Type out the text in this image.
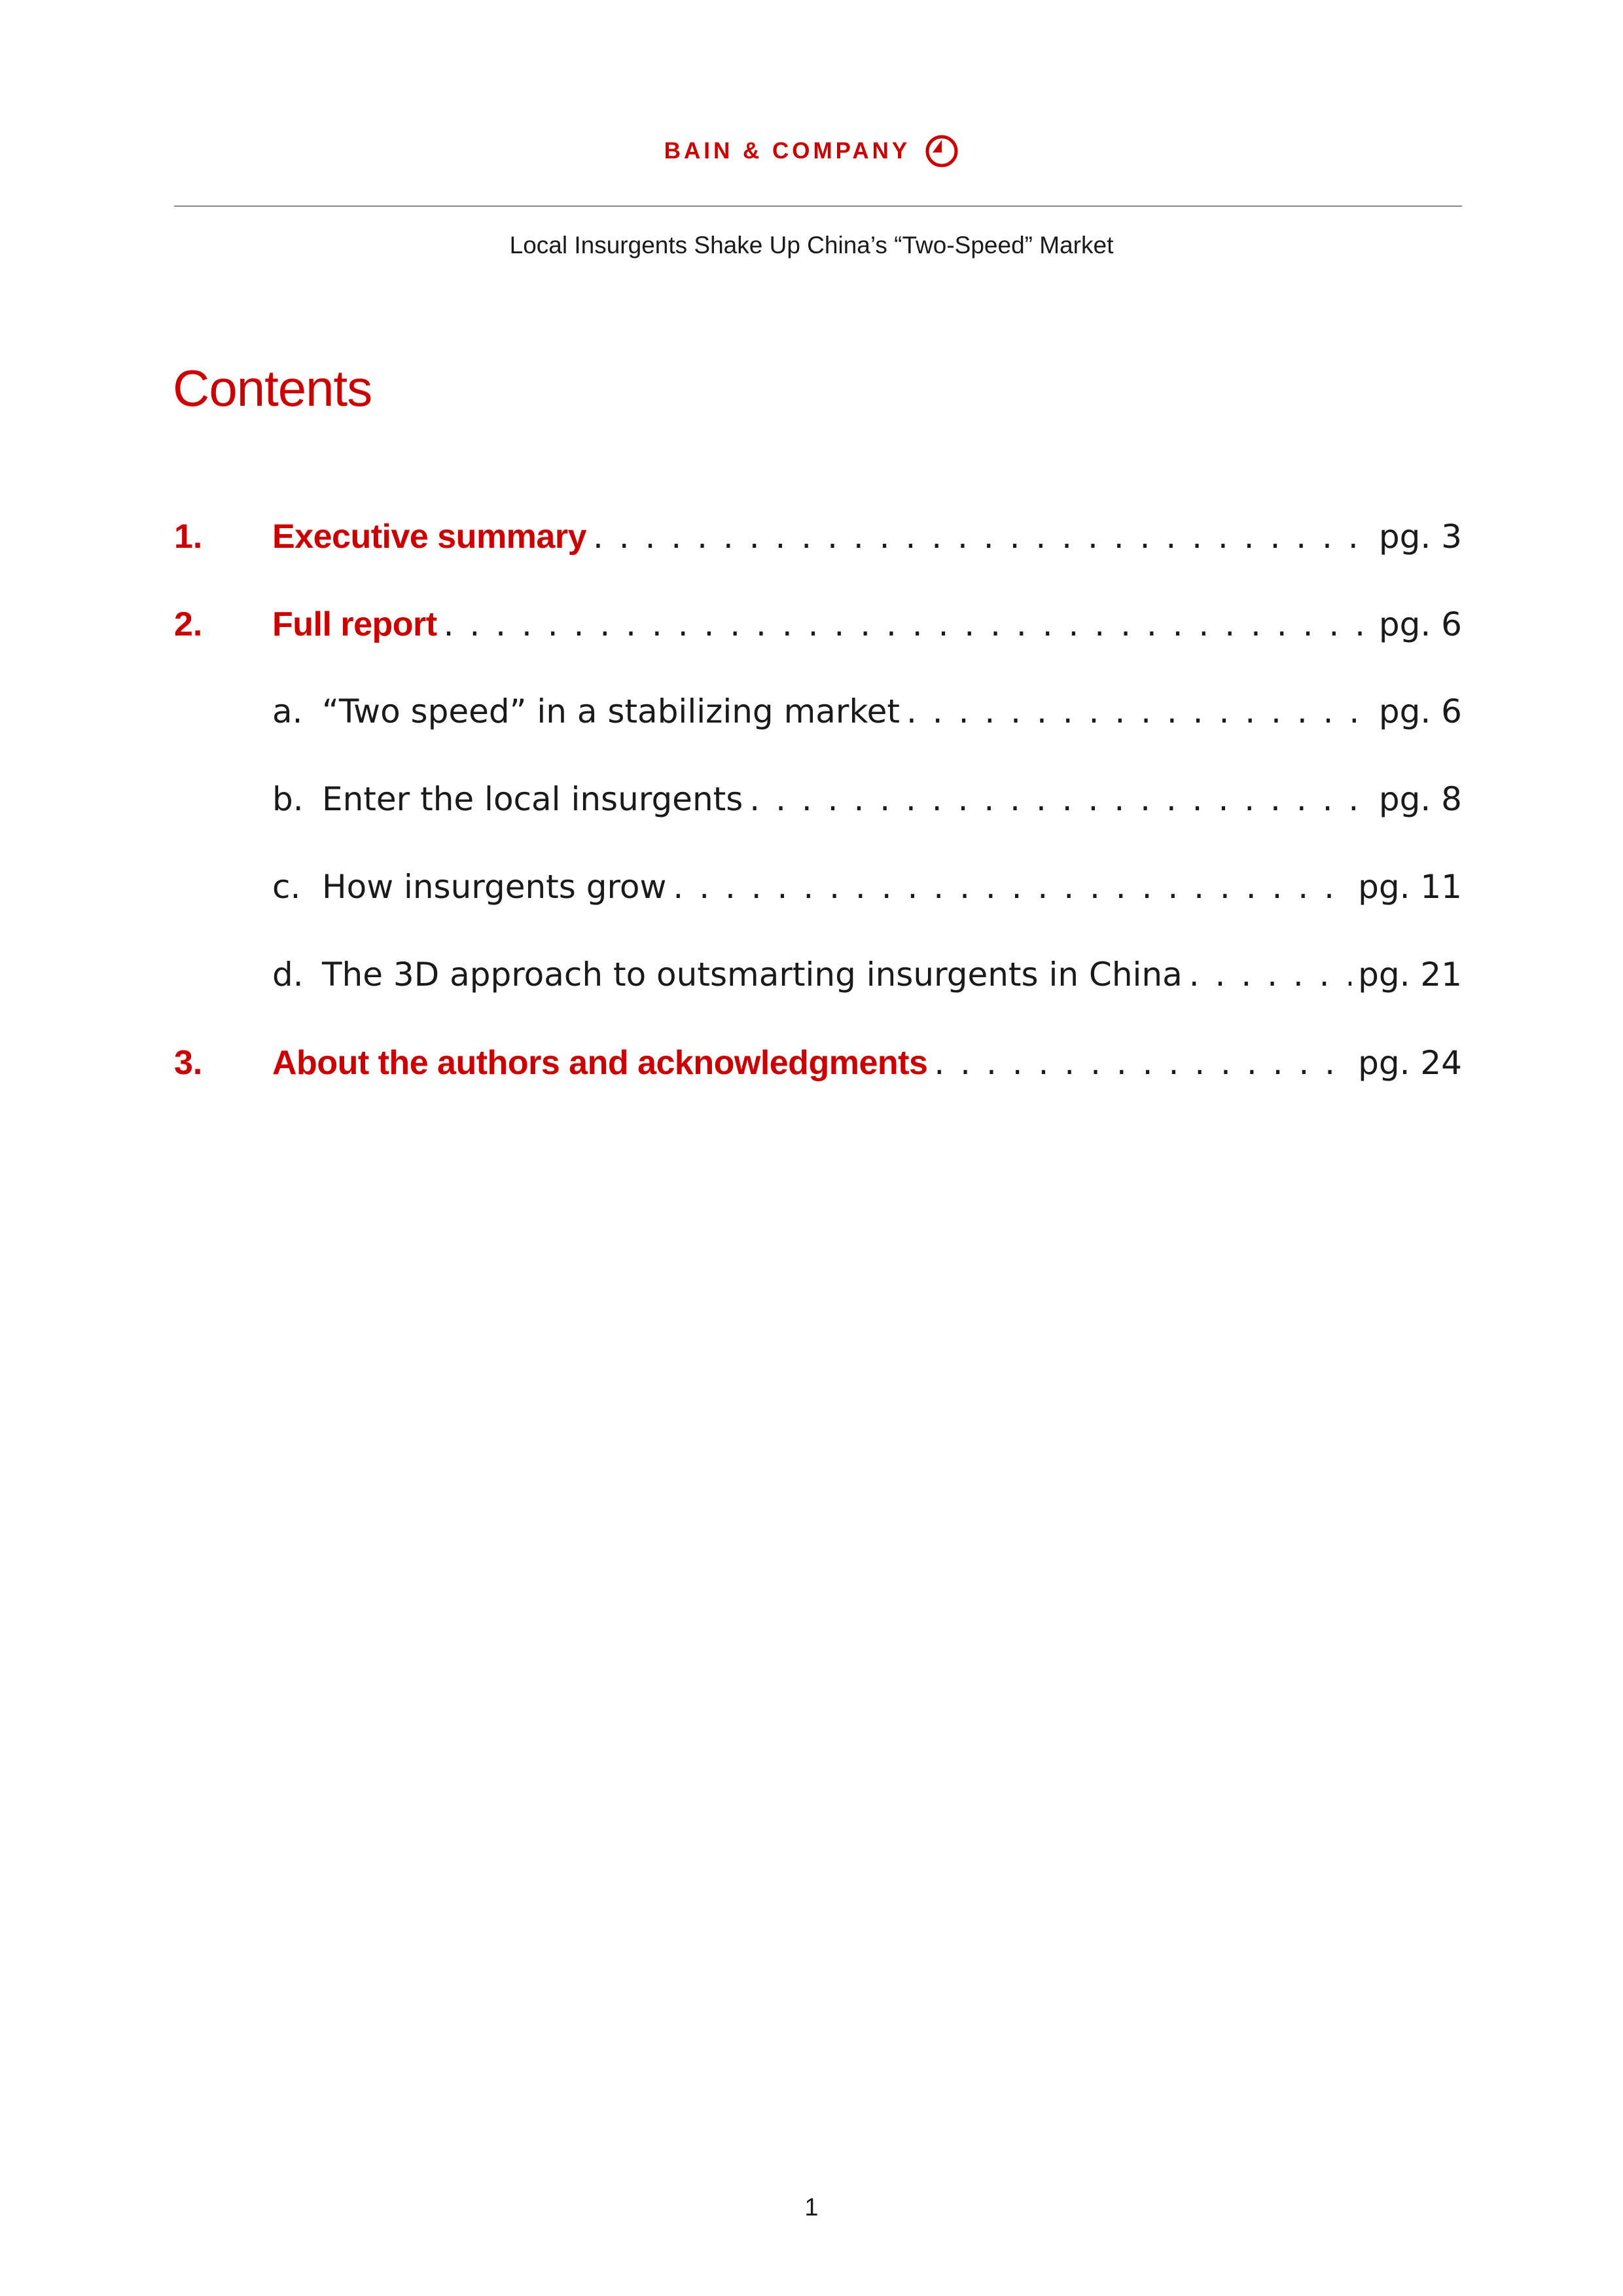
BAIN & COMPANY
Local Insurgents Shake Up China’s “Two-Speed” Market
Contents
1.	Executive summary . . .	pg. 3
2.	Full report . . .	pg. 6
a. “Two speed” in a stabilizing market . . .	pg. 6
b. Enter the local insurgents . . .	pg. 8
c. How insurgents grow . . .	pg. 11
d. The 3D approach to outsmarting insurgents in China . . .	pg. 21
3.	About the authors and acknowledgments . . .	pg. 24
1
